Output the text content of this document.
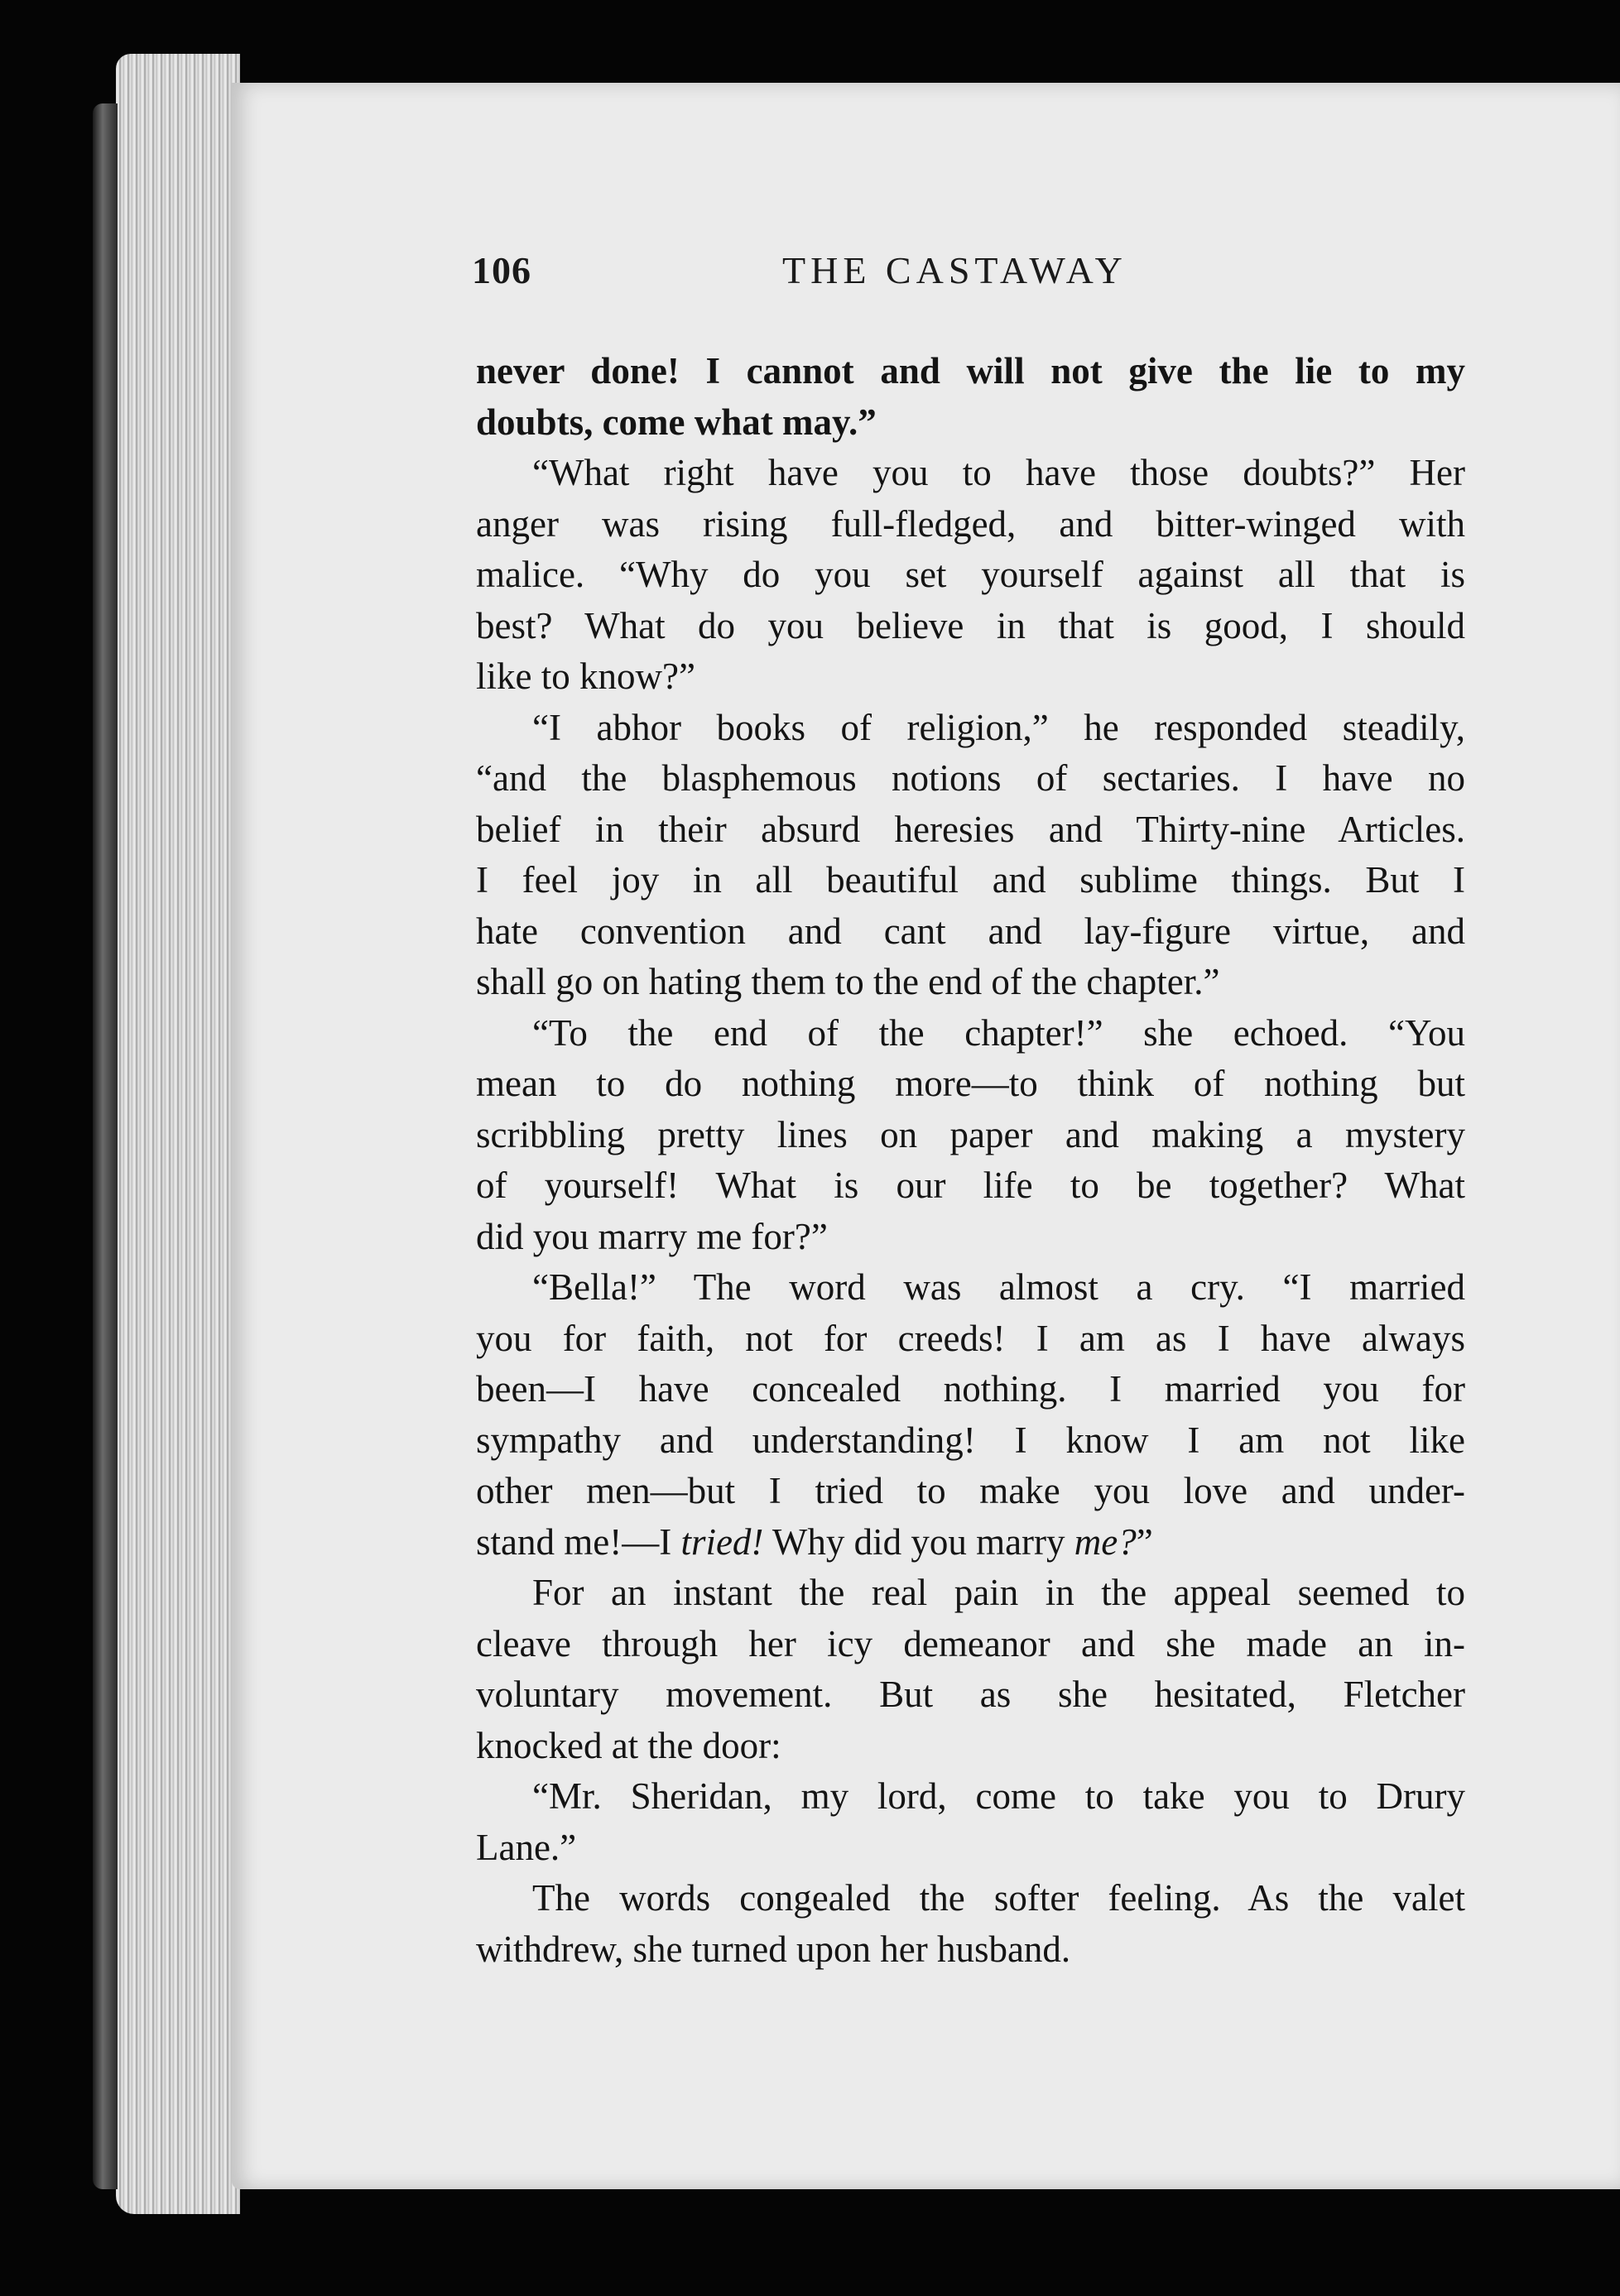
106	THE CASTAWAY
never done! I cannot and will not give the lie to my
doubts, come what may.”
“What right have you to have those doubts?” Her
anger was rising full-fledged, and bitter-winged with
malice. “Why do you set yourself against all that is
best? What do you believe in that is good, I should
like to know?”
“I abhor books of religion,” he responded steadily,
“and the blasphemous notions of sectaries. I have no
belief in their absurd heresies and Thirty-nine Articles.
I feel joy in all beautiful and sublime things. But I
hate convention and cant and lay-figure virtue, and
shall go on hating them to the end of the chapter.”
“To the end of the chapter!” she echoed. “You
mean to do nothing more—to think of nothing but
scribbling pretty lines on paper and making a mystery
of yourself! What is our life to be together? What
did you marry me for?”
“Bella!” The word was almost a cry. “I married
you for faith, not for creeds! I am as I have always
been—I have concealed nothing. I married you for
sympathy and understanding! I know I am not like
other men—but I tried to make you love and under-
stand me!—I tried! Why did you marry me?”
For an instant the real pain in the appeal seemed to
cleave through her icy demeanor and she made an in-
voluntary movement. But as she hesitated, Fletcher
knocked at the door:
“Mr. Sheridan, my lord, come to take you to Drury
Lane.”
The words congealed the softer feeling. As the valet
withdrew, she turned upon her husband.
